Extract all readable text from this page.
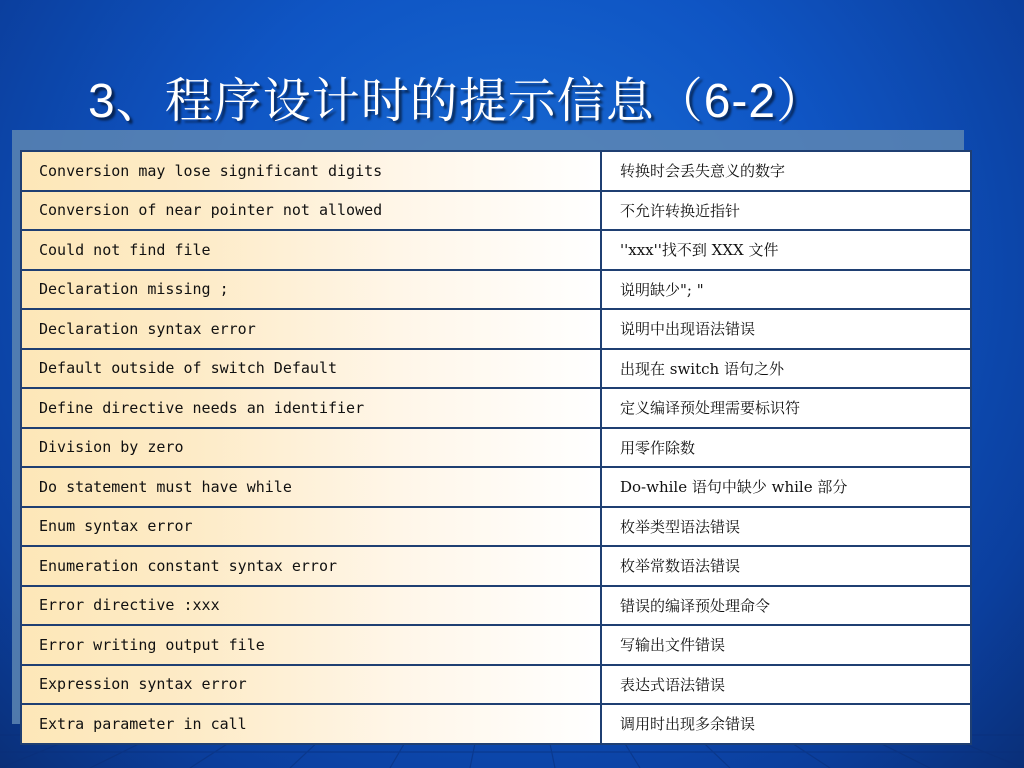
3、程序设计时的提示信息（6-2）
Conversion may lose significant digits	转换时会丢失意义的数字
Conversion of near pointer not allowed	不允许转换近指针
Could not find file	''xxx''找不到 XXX 文件
Declaration missing ;	说明缺少"; "
Declaration syntax error	说明中出现语法错误
Default outside of switch Default	出现在 switch 语句之外
Define directive needs an identifier	定义编译预处理需要标识符
Division by zero	用零作除数
Do statement must have while	Do-while 语句中缺少 while 部分
Enum syntax error	枚举类型语法错误
Enumeration constant syntax error	枚举常数语法错误
Error directive :xxx	错误的编译预处理命令
Error writing output file	写输出文件错误
Expression syntax error	表达式语法错误
Extra parameter in call	调用时出现多余错误
